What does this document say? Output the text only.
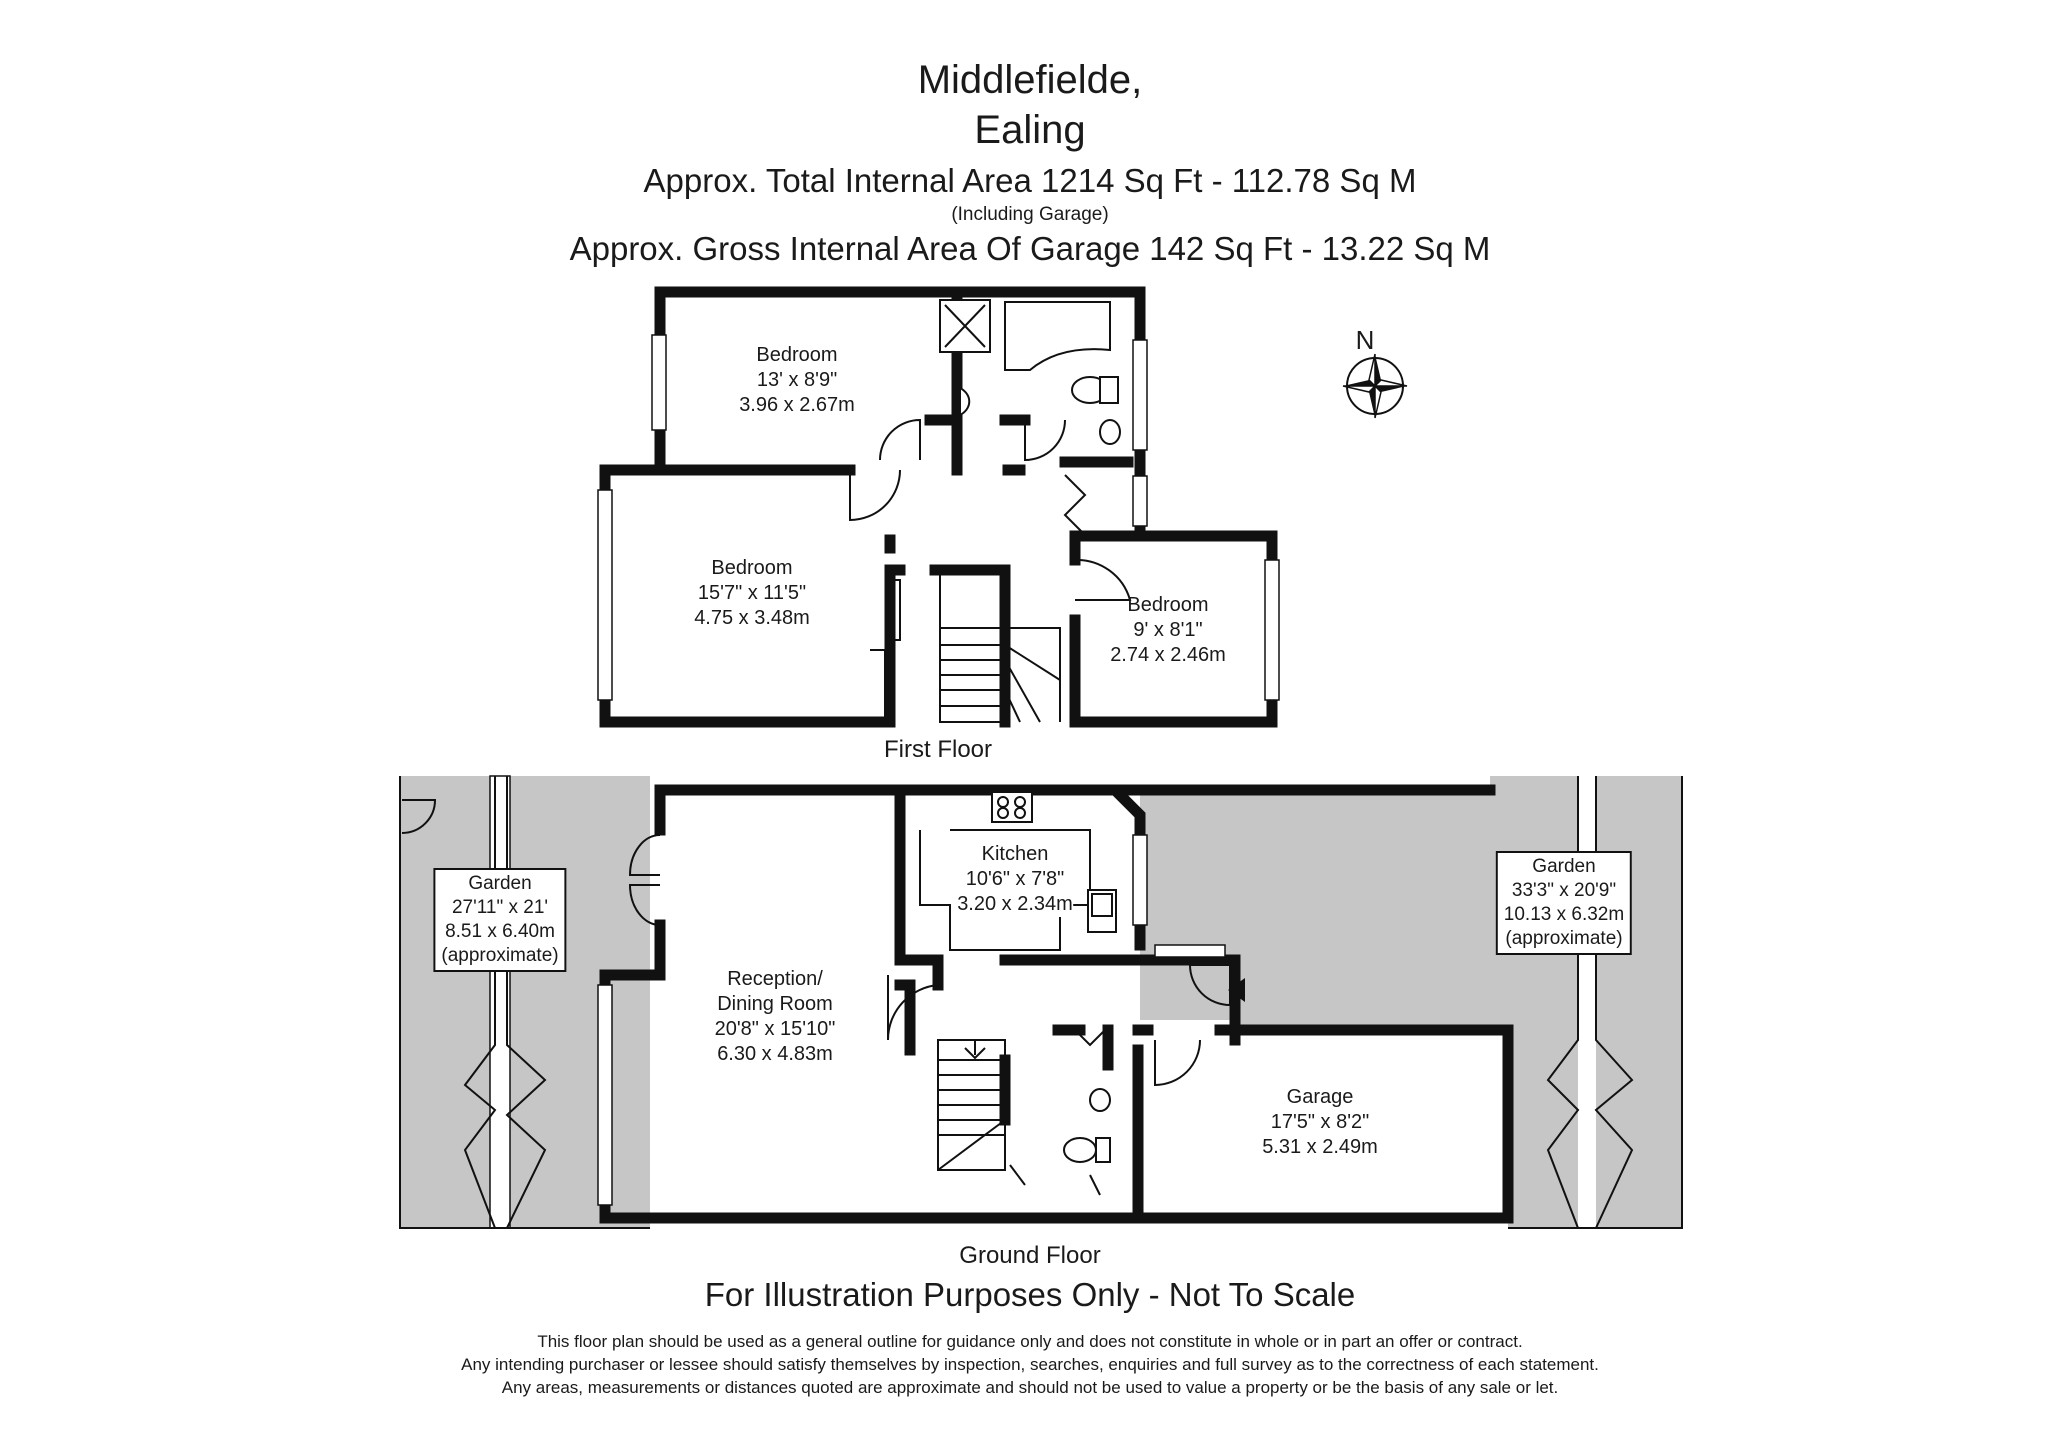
Middlefielde,
Ealing
Approx. Total Internal Area 1214 Sq Ft - 112.78 Sq M
(Including Garage)
Approx. Gross Internal Area Of Garage 142 Sq Ft - 13.22 Sq M
N
Bedroom
13' x 8'9"
3.96 x 2.67m
Bedroom
15'7" x 11'5"
4.75 x 3.48m
Bedroom
9' x 8'1"
2.74 x 2.46m
First Floor
Kitchen
10'6" x 7'8"
3.20 x 2.34m
Reception/
Dining Room
20'8" x 15'10"
6.30 x 4.83m
Garage
17'5" x 8'2"
5.31 x 2.49m
Garden
27'11" x 21'
8.51 x 6.40m
(approximate)
Garden
33'3" x 20'9"
10.13 x 6.32m
(approximate)
Ground Floor
For Illustration Purposes Only - Not To Scale
This floor plan should be used as a general outline for guidance only and does not constitute in whole or in part an offer or contract.
Any intending purchaser or lessee should satisfy themselves by inspection, searches, enquiries and full survey as to the correctness of each statement.
Any areas, measurements or distances quoted are approximate and should not be used to value a property or be the basis of any sale or let.
